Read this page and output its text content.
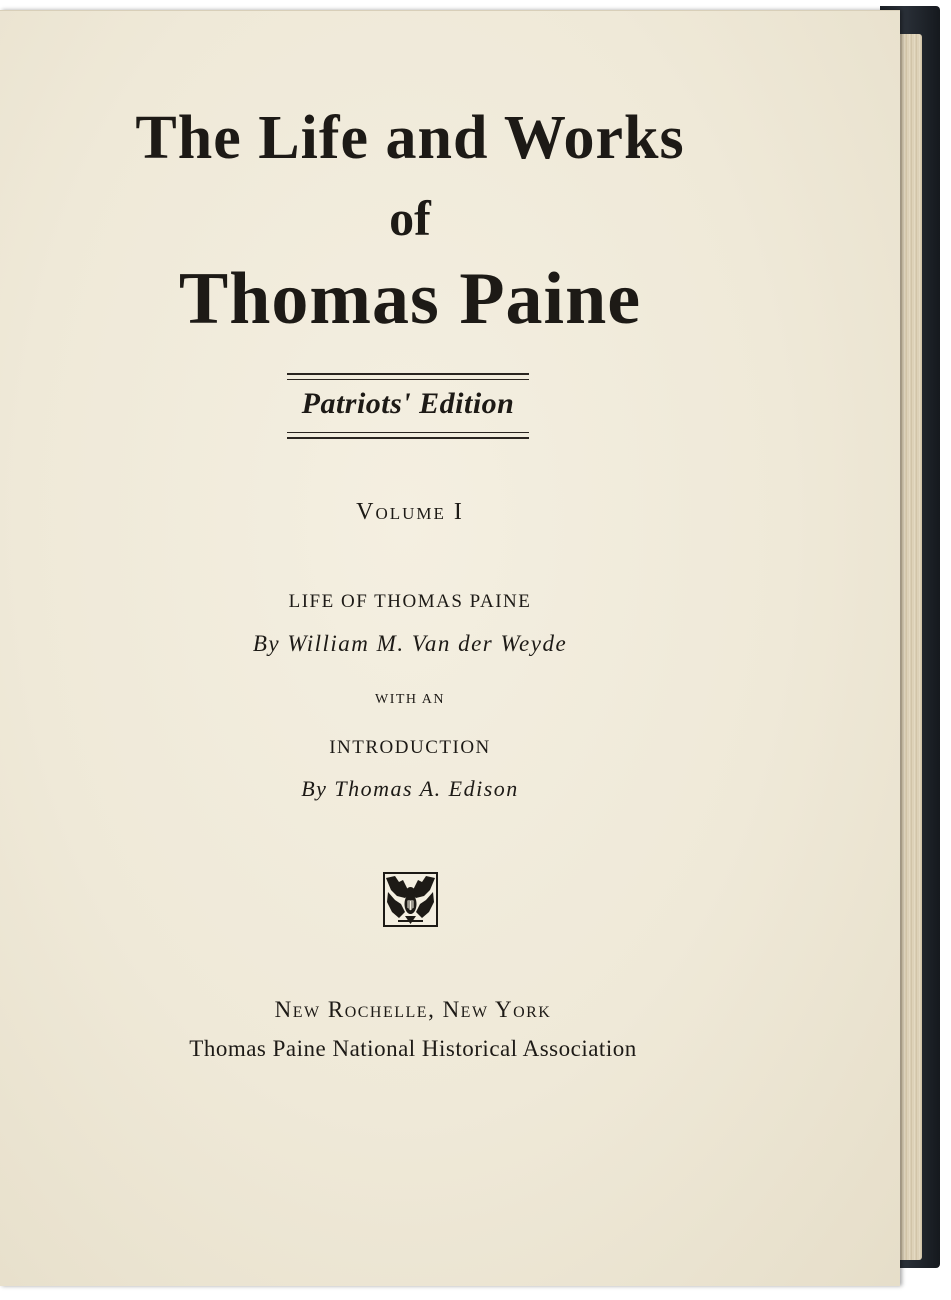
The Life and Works
of
Thomas Paine
Patriots' Edition
Volume I
LIFE OF THOMAS PAINE
By William M. Van der Weyde
WITH AN
INTRODUCTION
By Thomas A. Edison
New Rochelle, New York
Thomas Paine National Historical Association
